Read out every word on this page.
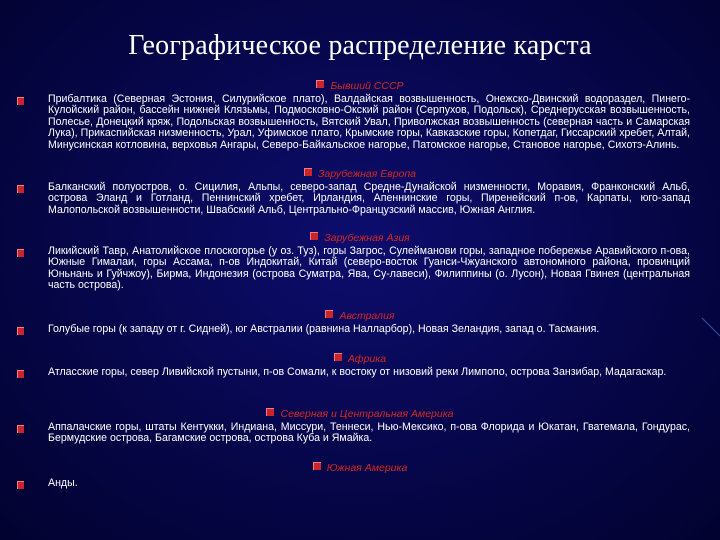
Географическое распределение карста
Бывший СССР
Прибалтика (Северная Эстония, Силурийское плато), Валдайская возвышенность, Онежско-Двинский водораздел, Пинего-Кулойский район, бассейн нижней Клязьмы, Подмосковно-Окский район (Серпухов, Подольск), Среднерусская возвышенность, Полесье, Донецкий кряж, Подольская возвышенность, Вятский Увал, Приволжская возвышенность (северная часть и Самарская Лука), Прикаспийская низменность, Урал, Уфимское плато, Крымские горы, Кавказские горы, Копетдаг, Гиссарский хребет, Алтай, Минусинская котловина, верховья Ангары, Северо-Байкальское нагорье, Патомское нагорье, Становое нагорье, Сихотэ-Алинь.
Зарубежная Европа
Балканский полуостров, о. Сицилия, Альпы, северо-запад Средне-Дунайской низменности, Моравия, Франконский Альб, острова Эланд и Готланд, Пеннинский хребет, Ирландия, Апеннинские горы, Пиренейский п-ов, Карпаты, юго-запад Малопольской возвышенности, Швабский Альб, Центрально-Французский массив, Южная Англия.
Зарубежная Азия
Ликийский Тавр, Анатолийское плоскогорье (у оз. Туз), горы Загрос, Сулейманови горы, западное побережье Аравийского п-ова, Южные Гималаи, горы Ассама, п-ов Индокитай, Китай (северо-восток Гуанси-Чжуанского автономного района, провинций Юньнань и Гуйчжоу), Бирма, Индонезия (острова Суматра, Ява, Су-лавеси), Филиппины (о. Лусон), Новая Гвинея (центральная часть острова).
Австралия
Голубые горы (к западу от г. Сидней), юг Австралии (равнина Налларбор), Новая Зеландия, запад о. Тасмания.
Африка
Атласские горы, север Ливийской пустыни, п-ов Сомали, к востоку от низовий реки Лимпопо, острова Занзибар, Мадагаскар.
Северная и Центральная Америка
Аппалачские горы, штаты Кентукки, Индиана, Миссури, Теннеси, Нью-Мексико, п-ова Флорида и Юкатан, Гватемала, Гондурас, Бермудские острова, Багамские острова, острова Куба и Ямайка.
Южная Америка
Анды.
